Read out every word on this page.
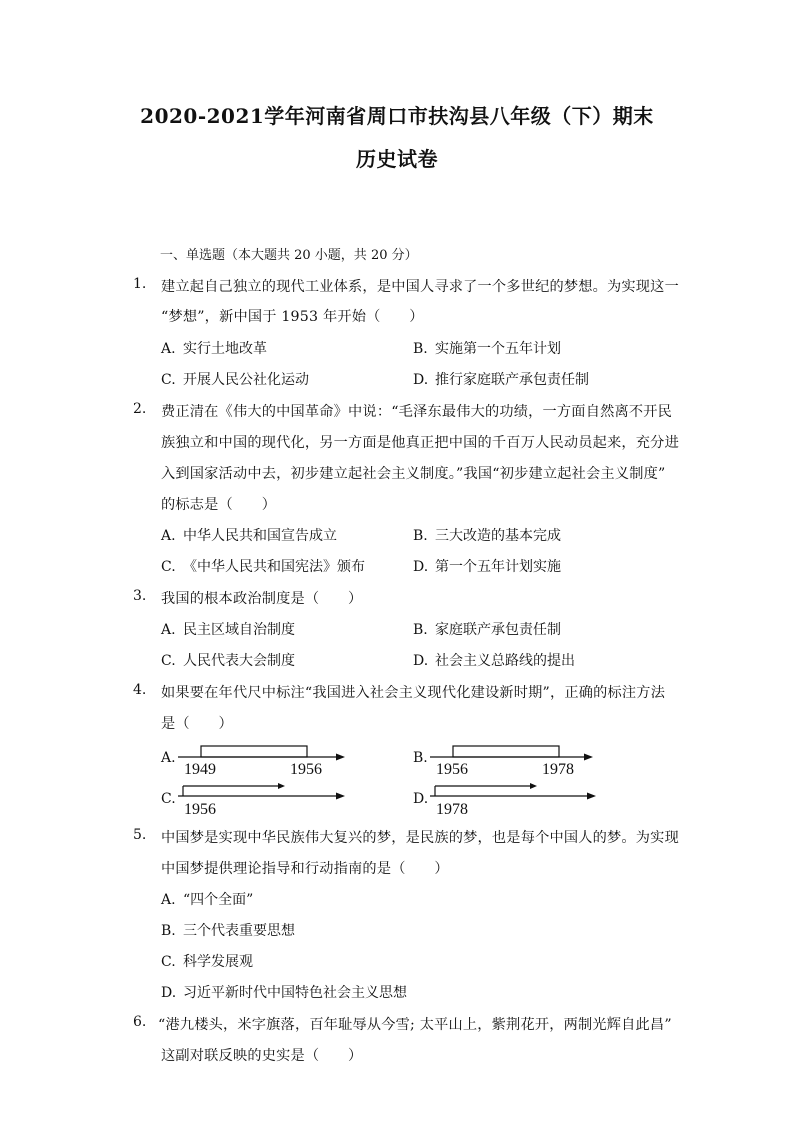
2020-2021学年河南省周口市扶沟县八年级（下）期末
历史试卷
一、单选题（本大题共 20 小题，共 20 分）
1. 建立起自己独立的现代工业体系，是中国人寻求了一个多世纪的梦想。为实现这一
“梦想”，新中国于 1953 年开始（　　）
A. 实行土地改革	B. 实施第一个五年计划
C. 开展人民公社化运动	D. 推行家庭联产承包责任制
2. 费正清在《伟大的中国革命》中说：“毛泽东最伟大的功绩，一方面自然离不开民
族独立和中国的现代化，另一方面是他真正把中国的千百万人民动员起来，充分进
入到国家活动中去，初步建立起社会主义制度。”我国“初步建立起社会主义制度”
的标志是（　　）
A. 中华人民共和国宣告成立	B. 三大改造的基本完成
C. 《中华人民共和国宪法》颁布	D. 第一个五年计划实施
3. 我国的根本政治制度是（　　）
A. 民主区域自治制度	B. 家庭联产承包责任制
C. 人民代表大会制度	D. 社会主义总路线的提出
4. 如果要在年代尺中标注“我国进入社会主义现代化建设新时期”，正确的标注方法
是（　　）
A.
1949	1956
B.
1956	1978
C.
1956
D.
1978
5. 中国梦是实现中华民族伟大复兴的梦，是民族的梦，也是每个中国人的梦。为实现
中国梦提供理论指导和行动指南的是（　　）
A. “四个全面”
B. 三个代表重要思想
C. 科学发展观
D. 习近平新时代中国特色社会主义思想
6. “港九楼头，米字旗落，百年耻辱从今雪; 太平山上，紫荆花开，两制光辉自此昌”
这副对联反映的史实是（　　）
